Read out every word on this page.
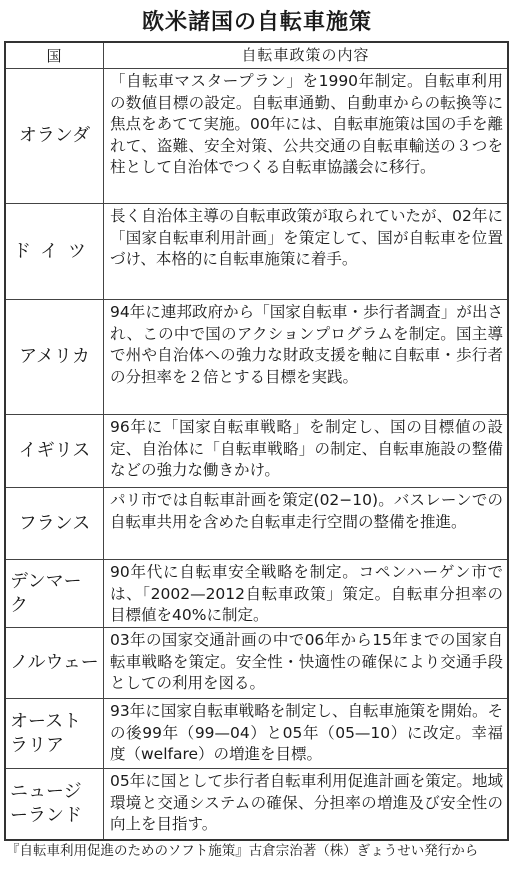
欧米諸国の自転車施策
国	自転車政策の内容
オランダ
「自転車マスタープラン」を1990年制定。自転車利用の数値目標の設定。自転車通勤、自動車からの転換等に焦点をあてて実施。00年には、自転車施策は国の手を離れて、盗難、安全対策、公共交通の自転車輸送の３つを柱として自治体でつくる自転車協議会に移行。
ドイツ
長く自治体主導の自転車政策が取られていたが、02年に「国家自転車利用計画」を策定して、国が自転車を位置づけ、本格的に自転車施策に着手。
アメリカ
94年に連邦政府から「国家自転車・歩行者調査」が出され、この中で国のアクションプログラムを制定。国主導で州や自治体への強力な財政支援を軸に自転車・歩行者の分担率を２倍とする目標を実践。
イギリス
96年に「国家自転車戦略」を制定し、国の目標値の設定、自治体に「自転車戦略」の制定、自転車施設の整備などの強力な働きかけ。
フランス
パリ市では自転車計画を策定(02−10)。バスレーンでの自転車共用を含めた自転車走行空間の整備を推進。
デンマーク
90年代に自転車安全戦略を制定。コペンハーゲン市では、「2002—2012自転車政策」策定。自転車分担率の目標値を40%に制定。
ノルウェー
03年の国家交通計画の中で06年から15年までの国家自転車戦略を策定。安全性・快適性の確保により交通手段としての利用を図る。
オーストラリア
93年に国家自転車戦略を制定し、自転車施策を開始。その後99年（99—04）と05年（05—10）に改定。幸福度（welfare）の増進を目標。
ニュージーランド
05年に国として歩行者自転車利用促進計画を策定。地域環境と交通システムの確保、分担率の増進及び安全性の向上を目指す。
『自転車利用促進のためのソフト施策』古倉宗治著（株）ぎょうせい発行から
